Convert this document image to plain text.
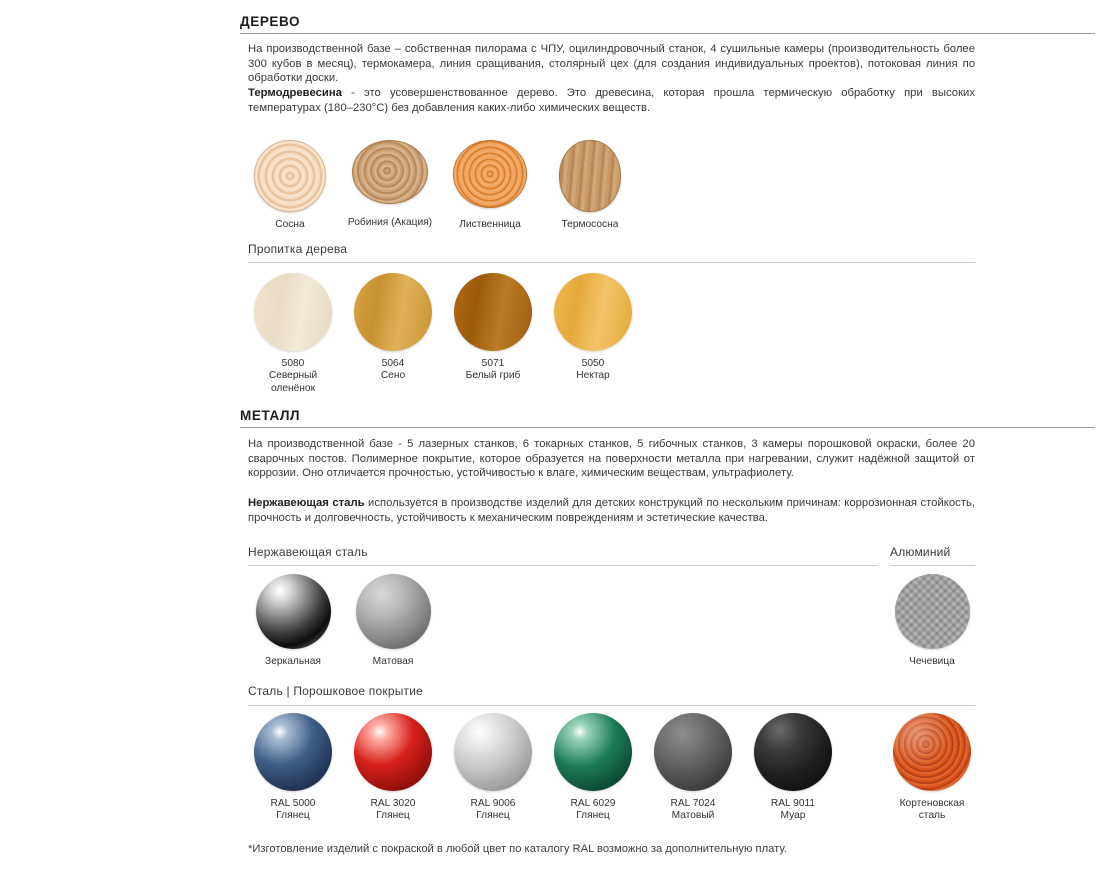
ДЕРЕВО
На производственной базе – собственная пилорама с ЧПУ, оцилиндровочный станок, 4 сушильные камеры (производительность более 300 кубов в месяц), термокамера, линия сращивания, столярный цех (для создания индивидуальных проектов), потоковая линия по обработки доски.
Термодревесина - это усовершенствованное дерево. Это древесина, которая прошла термическую обработку при высоких температурах (180–230°С) без добавления каких-либо химических веществ.
Сосна	Робиния (Акация)	Лиственница	Термососна
Пропитка дерева
5080
Северный
оленёнок
5064
Сено
5071
Белый гриб
5050
Нектар
МЕТАЛЛ
На производственной базе - 5 лазерных станков, 6 токарных станков, 5 гибочных станков, 3 камеры порошковой окраски, более 20 сварочных постов. Полимерное покрытие, которое образуется на поверхности металла при нагревании, служит надёжной защитой от коррозии. Оно отличается прочностью, устойчивостью к влаге, химическим веществам, ультрафиолету.
Нержавеющая сталь используется в производстве изделий для детских конструкций по нескольким причинам: коррозионная стойкость, прочность и долговечность, устойчивость к механическим повреждениям и эстетические качества.
Нержавеющая сталь
Зеркальная	Матовая
Алюминий
Чечевица
Сталь | Порошковое покрытие
RAL 5000
Глянец
RAL 3020
Глянец
RAL 9006
Глянец
RAL 6029
Глянец
RAL 7024
Матовый
RAL 9011
Муар
Кортеновская
сталь
*Изготовление изделий с покраской в любой цвет по каталогу RAL возможно за дополнительную плату.
